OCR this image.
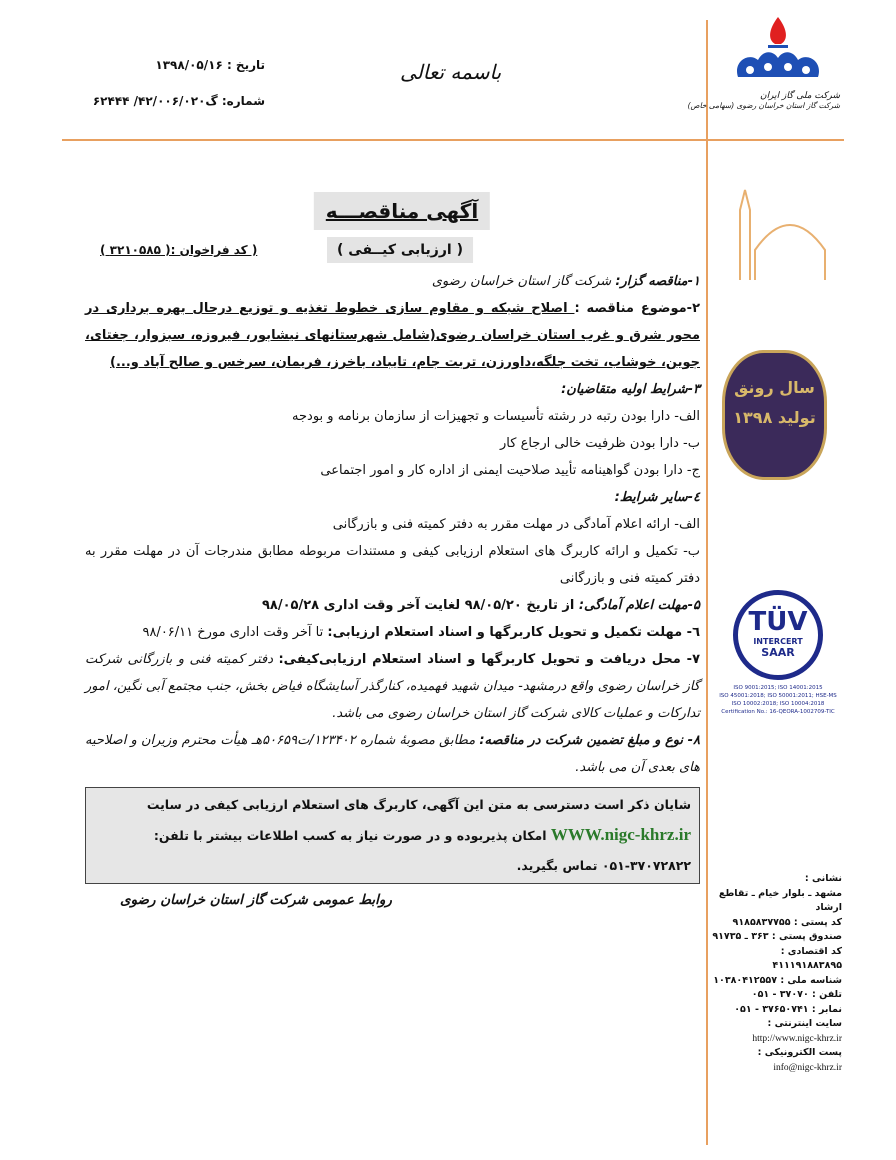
تاریخ : ۱۳۹۸/۰۵/۱۶
شماره: گ۴۲/۰۰۶/۰۲۰/ ۶۲۴۴۴
باسمه تعالی
شرکت ملی گاز ایران
شرکت گاز استان خراسان رضوی (سهامی خاص)
سال رونق تولید ۱۳۹۸
TÜV
INTERCERT
SAAR
ISO 9001:2015; ISO 14001:2015
ISO 45001:2018; ISO 50001:2011; HSE-MS
ISO 10002:2018; ISO 10004:2018
Certification No.: 16-QEORA-1002709-TIC
آگهی مناقصـــه
( ارزیابی کیــفی )
( کد فراخوان :( ۳۲۱۰۵۸۵ )

۱-مناقصه گزار: شرکت گاز استان خراسان رضوی

۲-موضوع مناقصه : اصلاح شبکه و مقاوم سازی خطوط تغذیه و توزیع درحال بهره برداری در محور شرق و غرب استان خراسان رضوی(شامل شهرستانهای نیشابور، فیروزه، سبزوار، جغتای، جوین، خوشاب، تخت جلگه،داورزن، تربت جام، تایباد، باخرز، فریمان، سرخس و صالح آباد و...)

۳-شرایط اولیه متقاضیان:

الف- دارا بودن رتبه در رشته تأسیسات و تجهیزات از سازمان برنامه و بودجه

ب- دارا بودن ظرفیت خالی ارجاع کار

ج- دارا بودن گواهینامه تأیید صلاحیت ایمنی از اداره کار و امور اجتماعی

٤-سایر شرایط:

الف- ارائه اعلام آمادگی در مهلت مقرر به دفتر کمیته فنی و بازرگانی

ب- تکمیل و ارائه کاربرگ های استعلام ارزیابی کیفی و مستندات مربوطه مطابق مندرجات آن در مهلت مقرر به دفتر کمیته فنی و بازرگانی

۵-مهلت اعلام آمادگی: از تاریخ ۹۸/۰۵/۲۰ لغایت آخر وقت اداری ۹۸/۰۵/۲۸

٦- مهلت تکمیل و تحویل کاربرگها و اسناد استعلام ارزیابی: تا آخر وقت اداری مورخ ۹۸/۰۶/۱۱

۷- محل دریافت و تحویل کاربرگها و اسناد استعلام ارزیابی‌کیفی: دفتر کمیته فنی و بازرگانی شرکت گاز خراسان رضوی واقع درمشهد- میدان شهید فهمیده، کنارگذر آسایشگاه فیاض بخش، جنب مجتمع آبی نگین، امور تدارکات و عملیات کالای شرکت گاز استان خراسان رضوی می باشد.

۸- نوع و مبلغ تضمین شرکت در مناقصه: مطابق مصوبهٔ شماره ۱۲۳۴۰۲/ت۵۰۶۵۹هـ هیأت محترم وزیران و اصلاحیه های بعدی آن می باشد.

شایان ذکر است دسترسی به متن این آگهی، کاربرگ های استعلام ارزیابی کیفی در سایت WWW.nigc-khrz.ir امکان پذیربوده و در صورت نیاز به کسب اطلاعات بیشتر با تلفن: ۳۷۰۷۲۸۲۲-۰۵۱ تماس بگیرید.
روابط عمومی شرکت گاز استان خراسان رضوی
نشانی :
مشهد ـ بلوار خیام ـ تقاطع ارشاد
کد پستی : ۹۱۸۵۸۳۷۷۵۵
صندوق پستی : ۳۶۳ ـ ۹۱۷۳۵
کد اقتصادی : ۴۱۱۱۹۱۸۸۳۸۹۵
شناسه ملی : ۱۰۳۸۰۴۱۲۵۵۷
تلفن : ۳۷۰۷۰ - ۰۵۱
نمابر : ۳۷۶۵۰۷۴۱ - ۰۵۱
سایت اینترنتی :
http://www.nigc-khrz.ir
پست الکترونیکی :
info@nigc-khrz.ir
